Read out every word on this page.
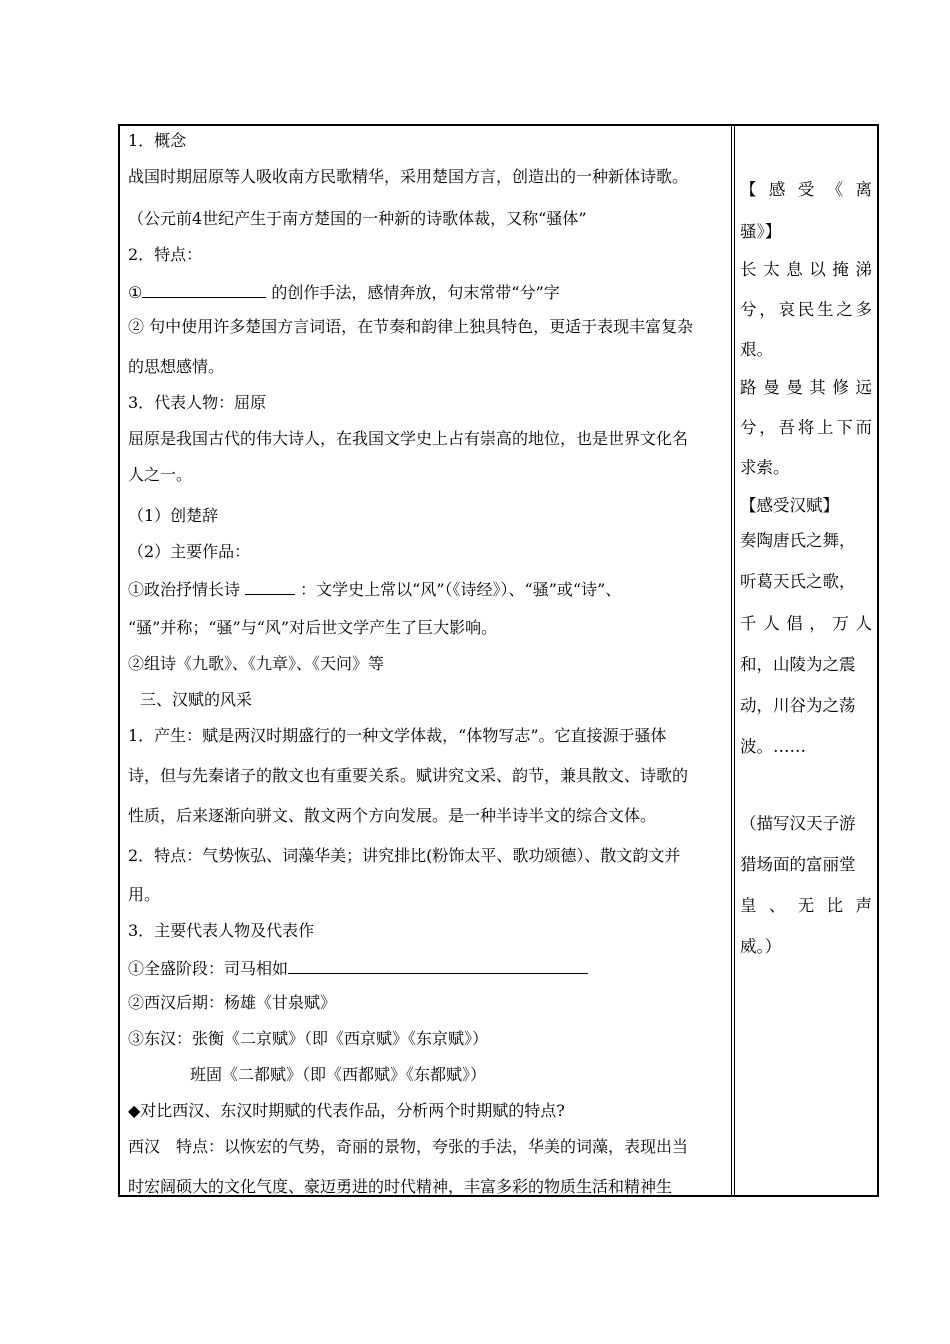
1．概念
战国时期屈原等人吸收南方民歌精华，采用楚国方言，创造出的一种新体诗歌。
（公元前4世纪产生于南方楚国的一种新的诗歌体裁，又称“骚体”
2．特点：
①	的创作手法，感情奔放，句末常带“兮”字
② 句中使用许多楚国方言词语，在节奏和韵律上独具特色，更适于表现丰富复杂
的思想感情。
3．代表人物：屈原
屈原是我国古代的伟大诗人，在我国文学史上占有崇高的地位，也是世界文化名
人之一。
（1）创楚辞
（2）主要作品：
①政治抒情长诗	：文学史上常以“风”（《诗经》）、“骚”或“诗”、
“骚”并称；“骚”与“风”对后世文学产生了巨大影响。
②组诗《九歌》、《九章》、《天问》等
三、汉赋的风采
1．产生：赋是两汉时期盛行的一种文学体裁，“体物写志”。它直接源于骚体
诗，但与先秦诸子的散文也有重要关系。赋讲究文采、韵节，兼具散文、诗歌的
性质，后来逐渐向骈文、散文两个方向发展。是一种半诗半文的综合文体。
2．特点：气势恢弘、词藻华美；讲究排比(粉饰太平、歌功颂德）、散文韵文并
用。
3．主要代表人物及代表作
①全盛阶段：司马相如
②西汉后期：杨雄《甘泉赋》
③东汉：张衡《二京赋》（即《西京赋》《东京赋》）
班固《二都赋》（即《西都赋》《东都赋》）
◆对比西汉、东汉时期赋的代表作品，分析两个时期赋的特点?
西汉　特点：以恢宏的气势，奇丽的景物，夸张的手法，华美的词藻，表现出当
时宏阔硕大的文化气度、豪迈勇进的时代精神，丰富多彩的物质生活和精神生
【 感 受 《 离
骚》】
长 太 息 以 掩 涕
兮 ， 哀 民 生 之 多
艰。
路 曼 曼 其 修 远
兮 ， 吾 将 上 下 而
求索。
【感受汉赋】
奏陶唐氏之舞，
听葛天氏之歌，
千 人 倡 ， 万 人
和，山陵为之震
动，川谷为之荡
波。……
（描写汉天子游
猎场面的富丽堂
皇 、 无 比 声
威。）
